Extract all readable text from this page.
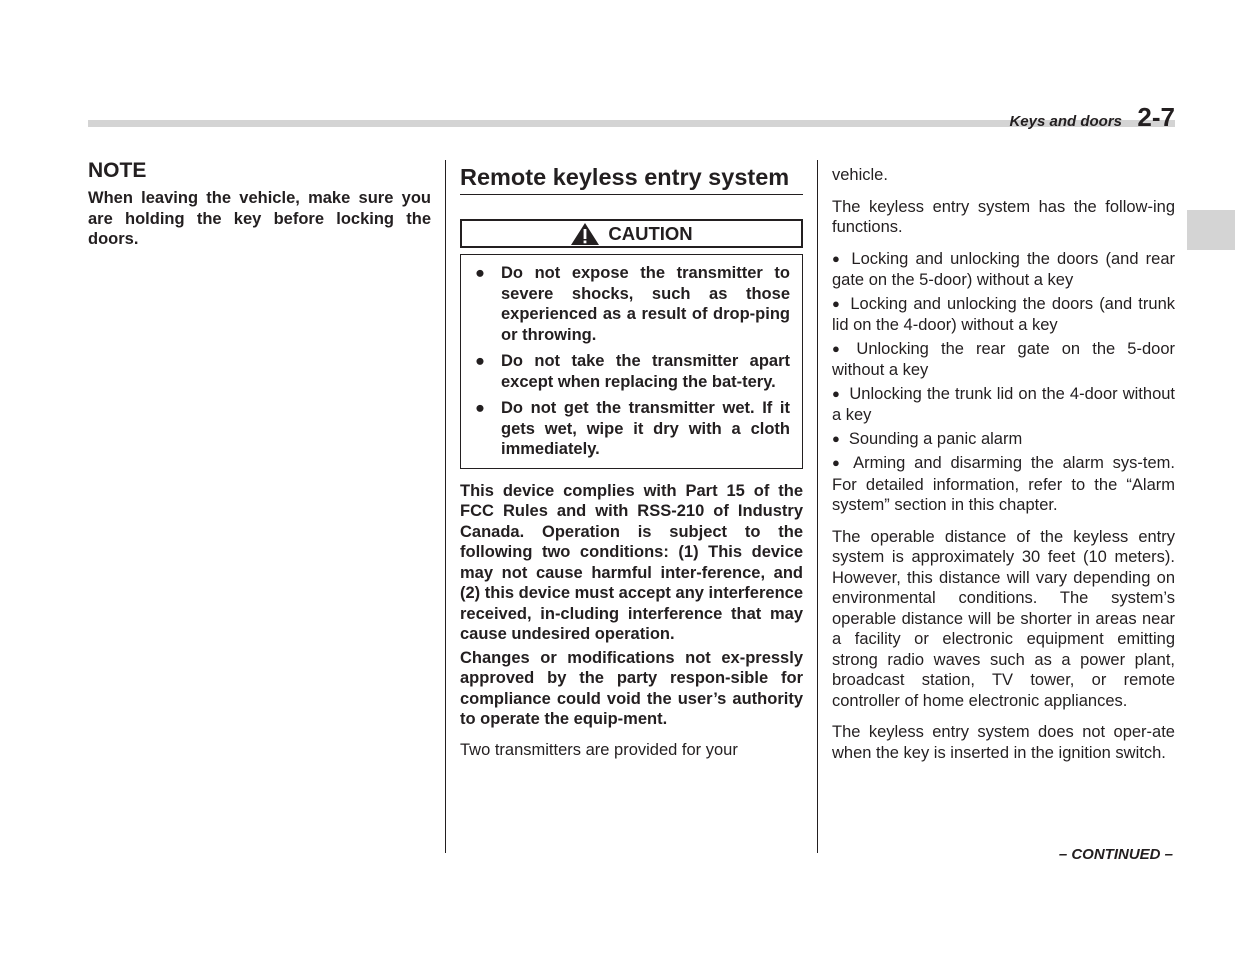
Keys and doors 2-7
NOTE

When leaving the vehicle, make sure you are holding the key before locking the doors.

Remote keyless entry system
CAUTION
● Do not expose the transmitter to severe shocks, such as those experienced as a result of drop-ping or throwing.
● Do not take the transmitter apart except when replacing the bat-tery.
● Do not get the transmitter wet. If it gets wet, wipe it dry with a cloth immediately.

This device complies with Part 15 of the FCC Rules and with RSS-210 of Industry Canada. Operation is subject to the following two conditions: (1) This device may not cause harmful inter-ference, and (2) this device must accept any interference received, in-cluding interference that may cause undesired operation.

Changes or modifications not ex-pressly approved by the party respon-sible for compliance could void the user’s authority to operate the equip-ment.

Two transmitters are provided for your

vehicle.

The keyless entry system has the follow-ing functions.

● Locking and unlocking the doors (and rear gate on the 5-door) without a key

● Locking and unlocking the doors (and trunk lid on the 4-door) without a key

● Unlocking the rear gate on the 5-door without a key

● Unlocking the trunk lid on the 4-door without a key

● Sounding a panic alarm

● Arming and disarming the alarm sys-tem. For detailed information, refer to the “Alarm system” section in this chapter.

The operable distance of the keyless entry system is approximately 30 feet (10 meters). However, this distance will vary depending on environmental conditions. The system’s operable distance will be shorter in areas near a facility or electronic equipment emitting strong radio waves such as a power plant, broadcast station, TV tower, or remote controller of home electronic appliances.

The keyless entry system does not oper-ate when the key is inserted in the ignition switch.

– CONTINUED –
